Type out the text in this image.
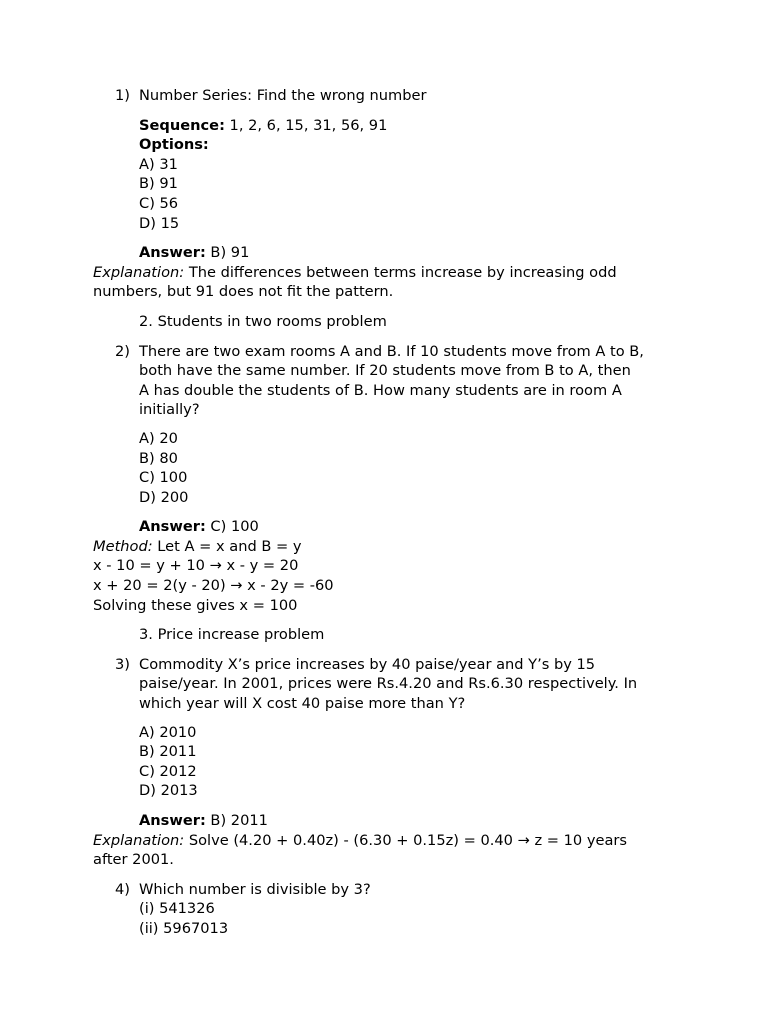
1) Number Series: Find the wrong number
Sequence: 1, 2, 6, 15, 31, 56, 91
Options:
A) 31
B) 91
C) 56
D) 15
Answer: B) 91
Explanation: The differences between terms increase by increasing odd
numbers, but 91 does not fit the pattern.
2. Students in two rooms problem
2) There are two exam rooms A and B. If 10 students move from A to B,
both have the same number. If 20 students move from B to A, then
A has double the students of B. How many students are in room A
initially?
A) 20
B) 80
C) 100
D) 200
Answer: C) 100
Method: Let A = x and B = y
x - 10 = y + 10 → x - y = 20
x + 20 = 2(y - 20) → x - 2y = -60
Solving these gives x = 100
3. Price increase problem
3) Commodity X’s price increases by 40 paise/year and Y’s by 15
paise/year. In 2001, prices were Rs.4.20 and Rs.6.30 respectively. In
which year will X cost 40 paise more than Y?
A) 2010
B) 2011
C) 2012
D) 2013
Answer: B) 2011
Explanation: Solve (4.20 + 0.40z) - (6.30 + 0.15z) = 0.40 → z = 10 years
after 2001.
4) Which number is divisible by 3?
(i) 541326
(ii) 5967013
